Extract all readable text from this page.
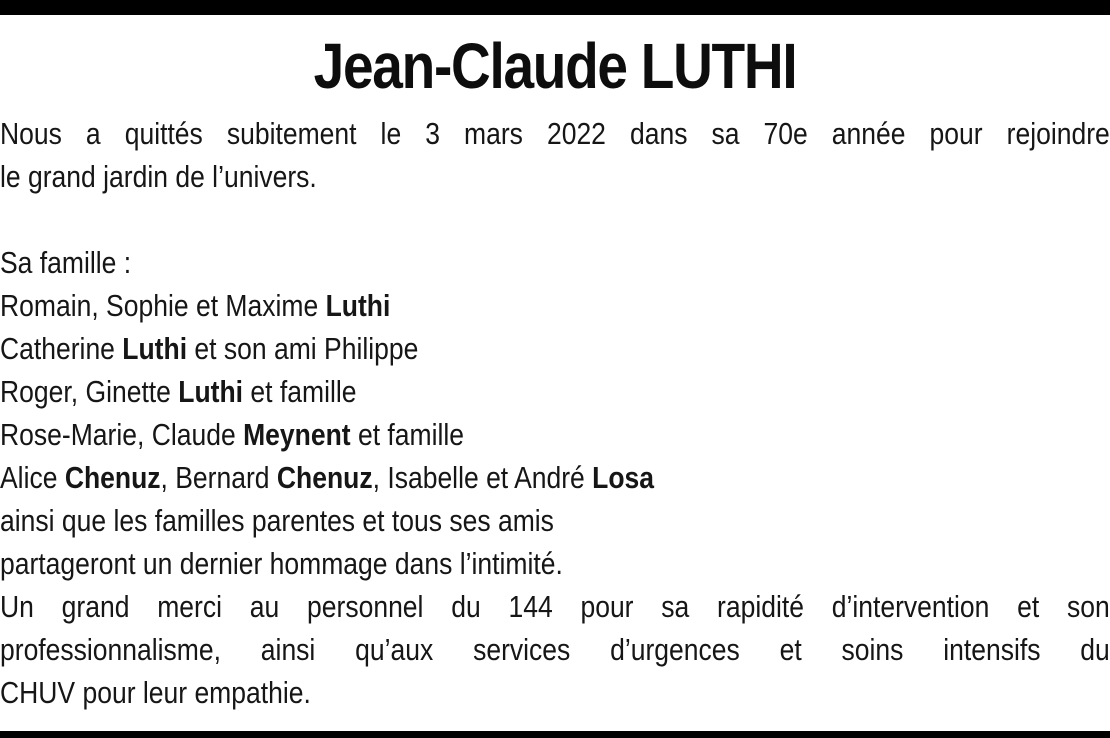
Jean-Claude LUTHI
Nous a quittés subitement le 3 mars 2022 dans sa 70e année pour rejoindre
le grand jardin de l’univers.
Sa famille :
Romain, Sophie et Maxime Luthi
Catherine Luthi et son ami Philippe
Roger, Ginette Luthi et famille
Rose-Marie, Claude Meynent et famille
Alice Chenuz, Bernard Chenuz, Isabelle et André Losa
ainsi que les familles parentes et tous ses amis
partageront un dernier hommage dans l’intimité.
Un grand merci au personnel du 144 pour sa rapidité d’intervention et son
professionnalisme, ainsi qu’aux services d’urgences et soins intensifs du
CHUV pour leur empathie.
